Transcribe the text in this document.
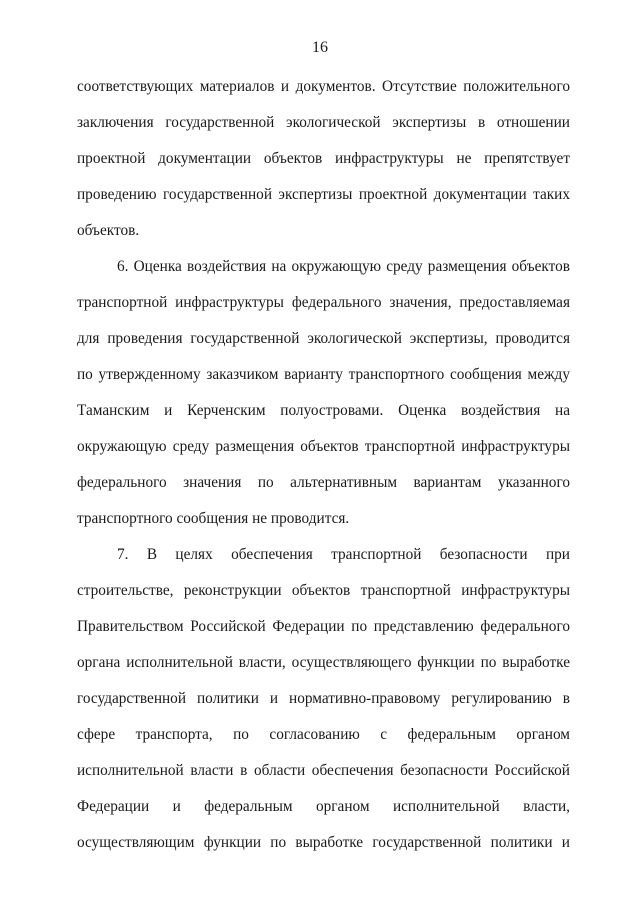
16
соответствующих материалов и документов. Отсутствие положительного
заключения государственной экологической экспертизы в отношении
проектной документации объектов инфраструктуры не препятствует
проведению государственной экспертизы проектной документации таких
объектов.
6. Оценка воздействия на окружающую среду размещения объектов
транспортной инфраструктуры федерального значения, предоставляемая
для проведения государственной экологической экспертизы, проводится
по утвержденному заказчиком варианту транспортного сообщения между
Таманским и Керченским полуостровами. Оценка воздействия на
окружающую среду размещения объектов транспортной инфраструктуры
федерального значения по альтернативным вариантам указанного
транспортного сообщения не проводится.
7. В целях обеспечения транспортной безопасности при
строительстве, реконструкции объектов транспортной инфраструктуры
Правительством Российской Федерации по представлению федерального
органа исполнительной власти, осуществляющего функции по выработке
государственной политики и нормативно-правовому регулированию в
сфере транспорта, по согласованию с федеральным органом
исполнительной власти в области обеспечения безопасности Российской
Федерации и федеральным органом исполнительной власти,
осуществляющим функции по выработке государственной политики и
